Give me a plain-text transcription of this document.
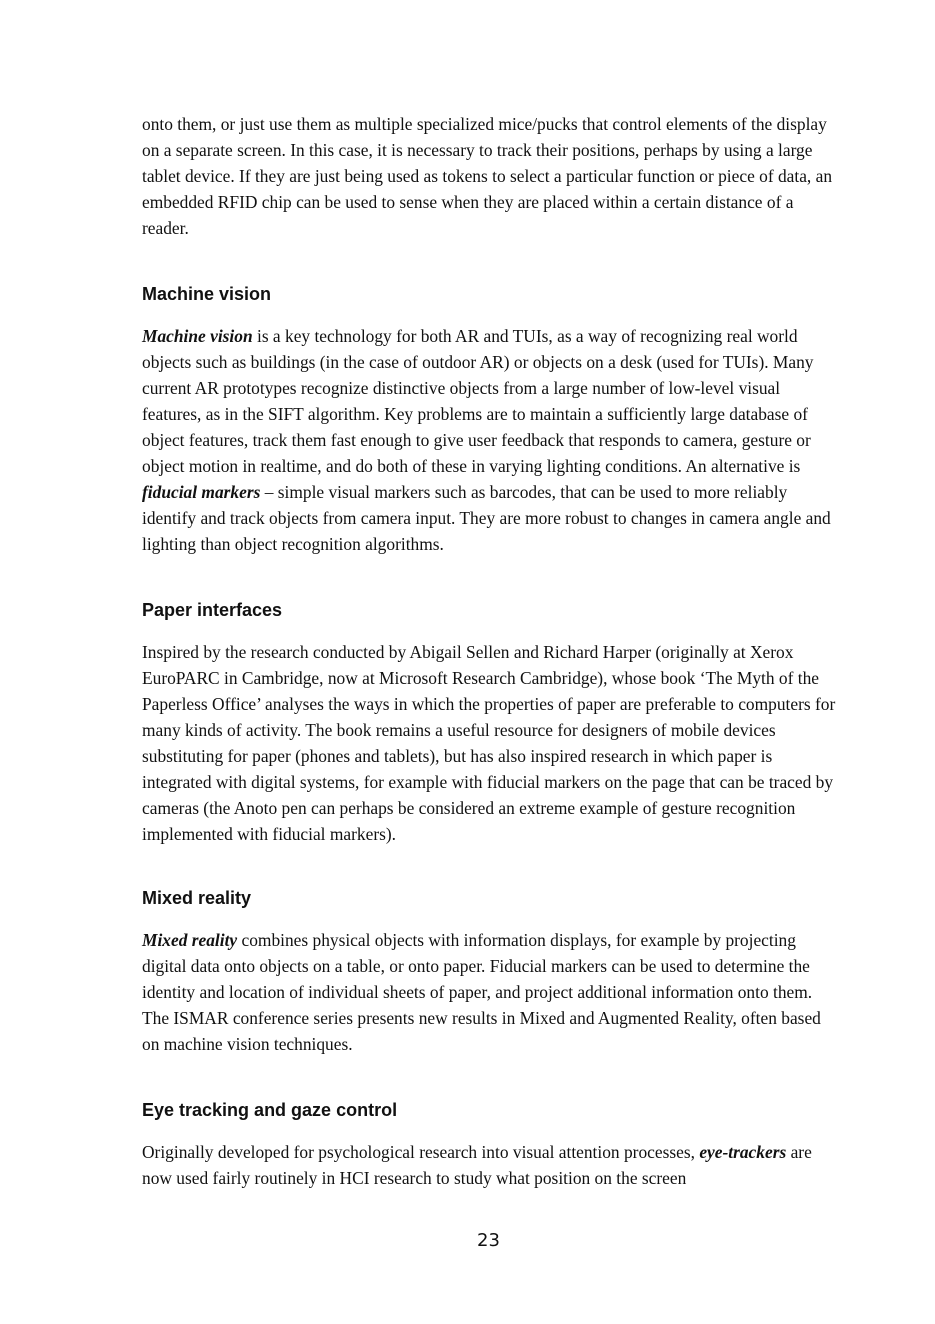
onto them, or just use them as multiple specialized mice/pucks that control elements of the display on a separate screen. In this case, it is necessary to track their positions, perhaps by using a large tablet device. If they are just being used as tokens to select a particular function or piece of data, an embedded RFID chip can be used to sense when they are placed within a certain distance of a reader.

Machine vision

Machine vision is a key technology for both AR and TUIs, as a way of recognizing real world objects such as buildings (in the case of outdoor AR) or objects on a desk (used for TUIs). Many current AR prototypes recognize distinctive objects from a large number of low-level visual features, as in the SIFT algorithm. Key problems are to maintain a sufficiently large database of object features, track them fast enough to give user feedback that responds to camera, gesture or object motion in realtime, and do both of these in varying lighting conditions. An alternative is fiducial markers – simple visual markers such as barcodes, that can be used to more reliably identify and track objects from camera input. They are more robust to changes in camera angle and lighting than object recognition algorithms.

Paper interfaces

Inspired by the research conducted by Abigail Sellen and Richard Harper (originally at Xerox EuroPARC in Cambridge, now at Microsoft Research Cambridge), whose book ‘The Myth of the Paperless Office’ analyses the ways in which the properties of paper are preferable to computers for many kinds of activity. The book remains a useful resource for designers of mobile devices substituting for paper (phones and tablets), but has also inspired research in which paper is integrated with digital systems, for example with fiducial markers on the page that can be traced by cameras (the Anoto pen can perhaps be considered an extreme example of gesture recognition implemented with fiducial markers).

Mixed reality

Mixed reality combines physical objects with information displays, for example by projecting digital data onto objects on a table, or onto paper. Fiducial markers can be used to determine the identity and location of individual sheets of paper, and project additional information onto them. The ISMAR conference series presents new results in Mixed and Augmented Reality, often based on machine vision techniques.

Eye tracking and gaze control

Originally developed for psychological research into visual attention processes, eye-trackers are now used fairly routinely in HCI research to study what position on the screen

23
